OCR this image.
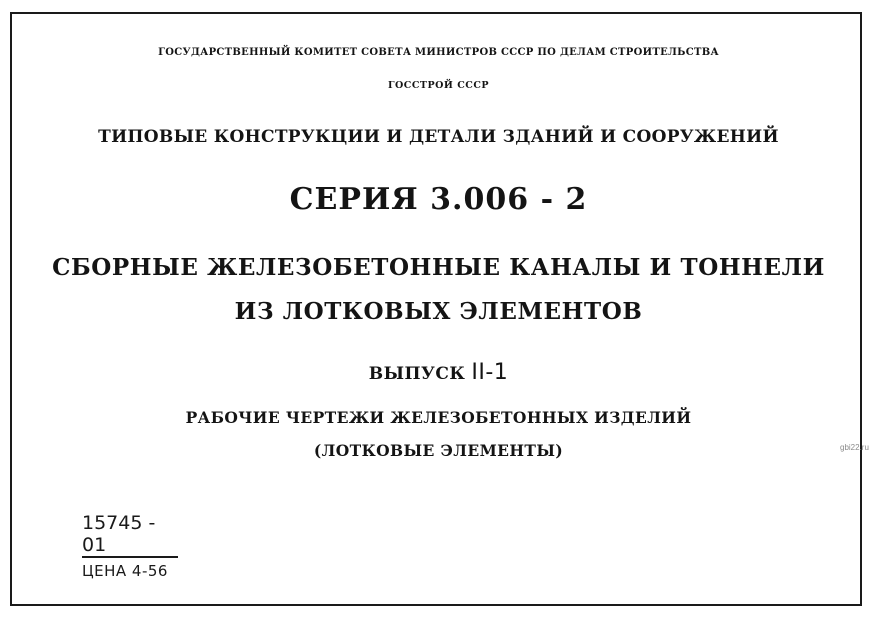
ГОСУДАРСТВЕННЫЙ КОМИТЕТ СОВЕТА МИНИСТРОВ СССР ПО ДЕЛАМ СТРОИТЕЛЬСТВА
ГОССТРОЙ СССР
ТИПОВЫЕ КОНСТРУКЦИИ И ДЕТАЛИ ЗДАНИЙ И СООРУЖЕНИЙ
СЕРИЯ 3.006 - 2
СБОРНЫЕ ЖЕЛЕЗОБЕТОННЫЕ КАНАЛЫ И ТОННЕЛИ
ИЗ ЛОТКОВЫХ ЭЛЕМЕНТОВ
ВЫПУСК II-1
РАБОЧИЕ ЧЕРТЕЖИ ЖЕЛЕЗОБЕТОННЫХ ИЗДЕЛИЙ
(ЛОТКОВЫЕ ЭЛЕМЕНТЫ)	gbi22.ru
15745 - 01
ЦЕНА 4-56
